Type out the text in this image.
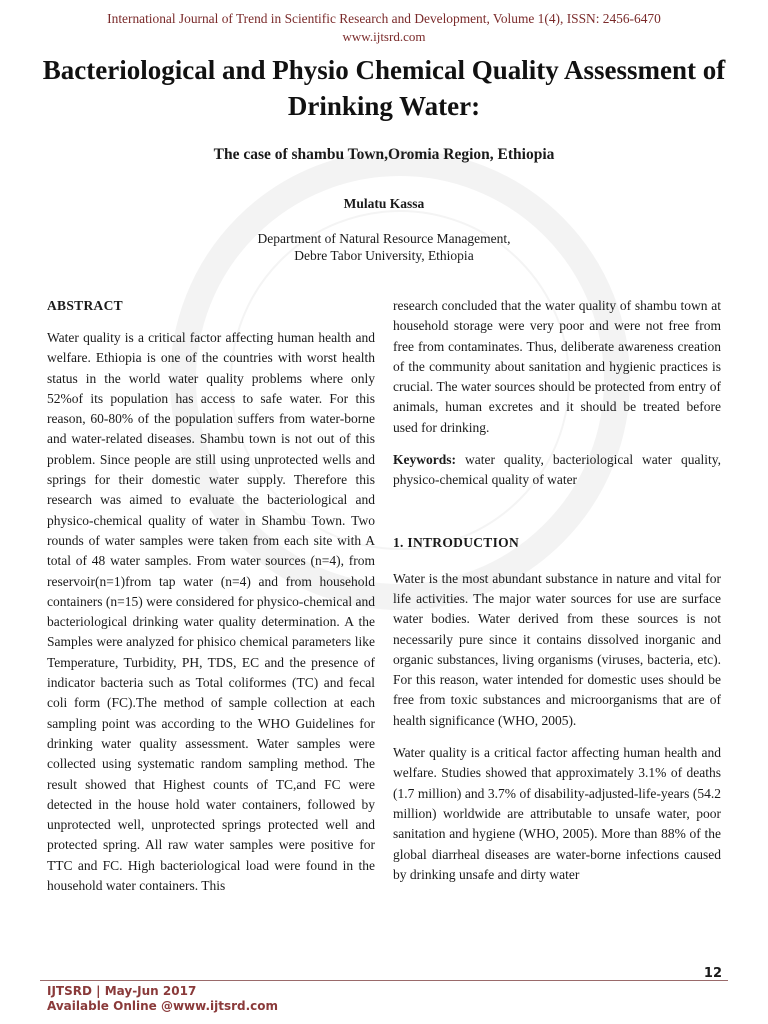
International Journal of Trend in Scientific Research and Development, Volume 1(4), ISSN: 2456-6470
www.ijtsrd.com
Bacteriological and Physio Chemical Quality Assessment of Drinking Water:
The case of shambu Town,Oromia Region, Ethiopia
Mulatu Kassa
Department of Natural Resource Management,
Debre Tabor University, Ethiopia

ABSTRACT

Water quality is a critical factor affecting human health and welfare. Ethiopia is one of the countries with worst health status in the world water quality problems where only 52%of its population has access to safe water. For this reason, 60-80% of the population suffers from water-borne and water-related diseases. Shambu town is not out of this problem. Since people are still using unprotected wells and springs for their domestic water supply. Therefore this research was aimed to evaluate the bacteriological and physico-chemical quality of water in Shambu Town. Two rounds of water samples were taken from each site with A total of 48 water samples. From water sources (n=4), from reservoir(n=1)from tap water (n=4) and from household containers (n=15) were considered for physico-chemical and bacteriological drinking water quality determination. A the Samples were analyzed for phisico chemical parameters like Temperature, Turbidity, PH, TDS, EC and the presence of indicator bacteria such as Total coliformes (TC) and fecal coli form (FC).The method of sample collection at each sampling point was according to the WHO Guidelines for drinking water quality assessment. Water samples were collected using systematic random sampling method. The result showed that Highest counts of TC,and FC were detected in the house hold water containers, followed by unprotected well, unprotected springs protected well and protected spring. All raw water samples were positive for TTC and FC. High bacteriological load were found in the household water containers. This

research concluded that the water quality of shambu town at household storage were very poor and were not free from free from contaminates. Thus, deliberate awareness creation of the community about sanitation and hygienic practices is crucial. The water sources should be protected from entry of animals, human excretes and it should be treated before used for drinking.

Keywords: water quality, bacteriological water quality, physico-chemical quality of water

1. INTRODUCTION

Water is the most abundant substance in nature and vital for life activities. The major water sources for use are surface water bodies. Water derived from these sources is not necessarily pure since it contains dissolved inorganic and organic substances, living organisms (viruses, bacteria, etc). For this reason, water intended for domestic uses should be free from toxic substances and microorganisms that are of health significance (WHO, 2005).

Water quality is a critical factor affecting human health and welfare. Studies showed that approximately 3.1% of deaths (1.7 million) and 3.7% of disability-adjusted-life-years (54.2 million) worldwide are attributable to unsafe water, poor sanitation and hygiene (WHO, 2005). More than 88% of the global diarrheal diseases are water-borne infections caused by drinking unsafe and dirty water

12
IJTSRD | May-Jun 2017
Available Online @www.ijtsrd.com
